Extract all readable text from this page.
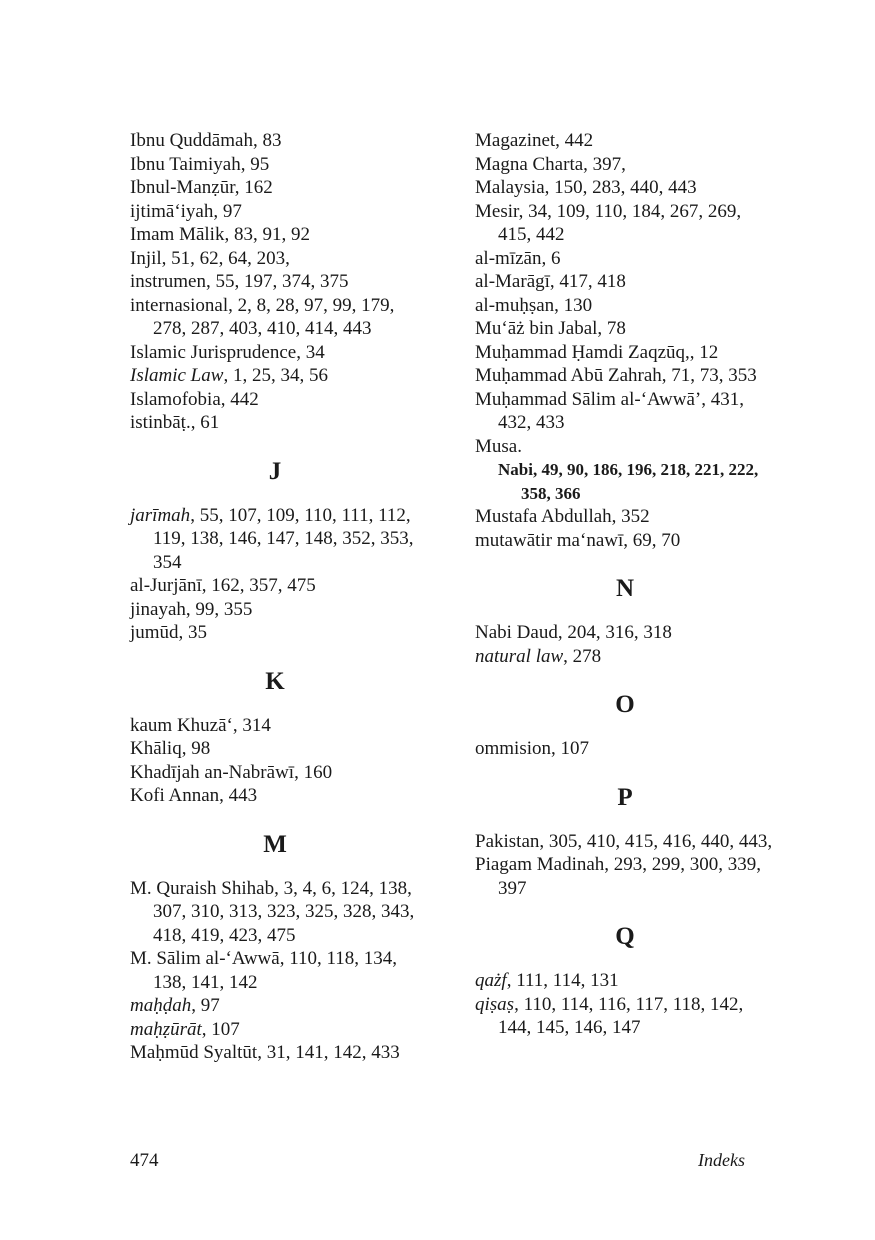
Ibnu Quddāmah, 83

Ibnu Taimiyah, 95

Ibnul-Manẓūr, 162

ijtimā‘iyah, 97

Imam Mālik, 83, 91, 92

Injil, 51, 62, 64, 203,

instrumen, 55, 197, 374, 375

internasional, 2, 8, 28, 97, 99, 179, 278, 287, 403, 410, 414, 443

Islamic Jurisprudence, 34

Islamic Law, 1, 25, 34, 56

Islamofobia, 442

istinbāṭ., 61

J

jarīmah, 55, 107, 109, 110, 111, 112, 119, 138, 146, 147, 148, 352, 353, 354

al-Jurjānī, 162, 357, 475

jinayah, 99, 355

jumūd, 35

K

kaum Khuzā‘, 314

Khāliq, 98

Khadījah an-Nabrāwī, 160

Kofi Annan, 443

M

M. Quraish Shihab, 3, 4, 6, 124, 138, 307, 310, 313, 323, 325, 328, 343, 418, 419, 423, 475

M. Sālim al-‘Awwā, 110, 118, 134, 138, 141, 142

maḥḍah, 97

maḥẓūrāt, 107

Maḥmūd Syaltūt, 31, 141, 142, 433

Magazinet, 442

Magna Charta, 397,

Malaysia, 150, 283, 440, 443

Mesir, 34, 109, 110, 184, 267, 269, 415, 442

al-mīzān, 6

al-Marāgī, 417, 418

al-muḥṣan, 130

Mu‘āż bin Jabal, 78

Muḥammad Ḥamdi Zaqzūq,, 12

Muḥammad Abū Zahrah, 71, 73, 353

Muḥammad Sālim al-‘Awwā’, 431, 432, 433

Musa.

Nabi, 49, 90, 186, 196, 218, 221, 222, 358, 366

Mustafa Abdullah, 352

mutawātir ma‘nawī, 69, 70

N

Nabi Daud, 204, 316, 318

natural law, 278

O

ommision, 107

P

Pakistan, 305, 410, 415, 416, 440, 443,

Piagam Madinah, 293, 299, 300, 339, 397

Q

qażf, 111, 114, 131

qiṣaṣ, 110, 114, 116, 117, 118, 142, 144, 145, 146, 147

474	Indeks
